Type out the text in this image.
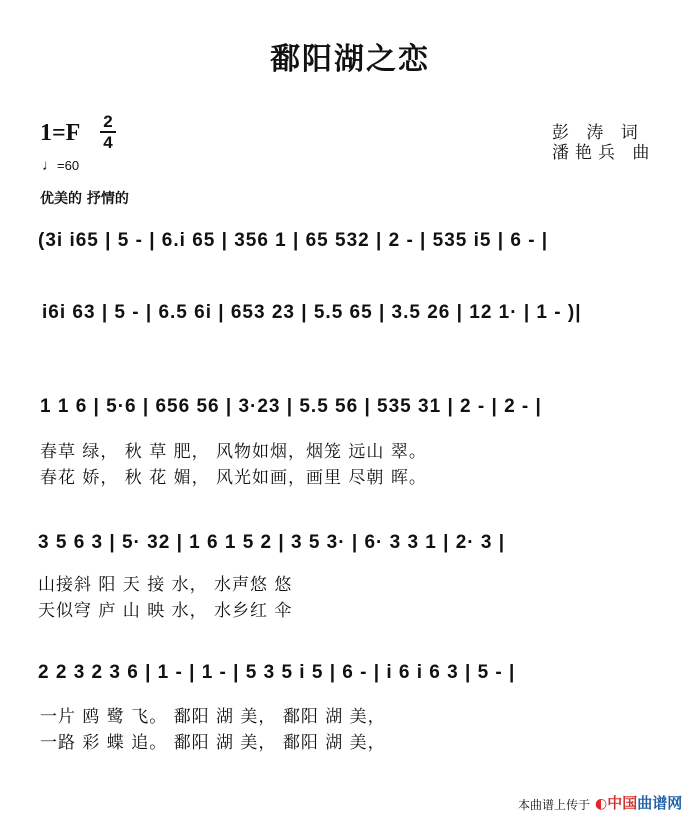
鄱阳湖之恋
$1=F \frac{2}{4}$
♩=60
优美的 抒情的
彭 涛 词
潘艳兵 曲
(3i i65 | 5 - | 6.i 65 | 356 1 | 65 532 | 2 - | 535 i5 | 6 - |
i6i 63 | 5 - | 6.5 6i | 653 23 | 5.5 65 | 3.5 26 | 12 1· | 1 - )|
1 1 6 | 5·6 | 656 56 | 3·23 | 5.5 56 | 535 31 | 2 - | 2 - |
春草 绿， 秋 草 肥， 风物如烟，烟笼 远山 翠。
春花 娇， 秋 花 媚， 风光如画，画里 尽朝 晖。
3 5 6 3 | 5· 32 | 1 6 1 5 2 | 3 5 3· | 6· 3 3 1 | 2· 3 |
山接斜 阳 天 接 水， 水声悠 悠
天似穹 庐 山 映 水， 水乡红 伞
2 2 3 2 3 6 | 1 - | 1 - | 5 3 5 i 5 | 6 - | i 6 i 6 3 | 5 - |
一片 鸥 鹭 飞。 鄱阳 湖 美， 鄱阳 湖 美，
一路 彩 蝶 追。 鄱阳 湖 美， 鄱阳 湖 美，
本曲谱上传于 ◐中国曲谱网
